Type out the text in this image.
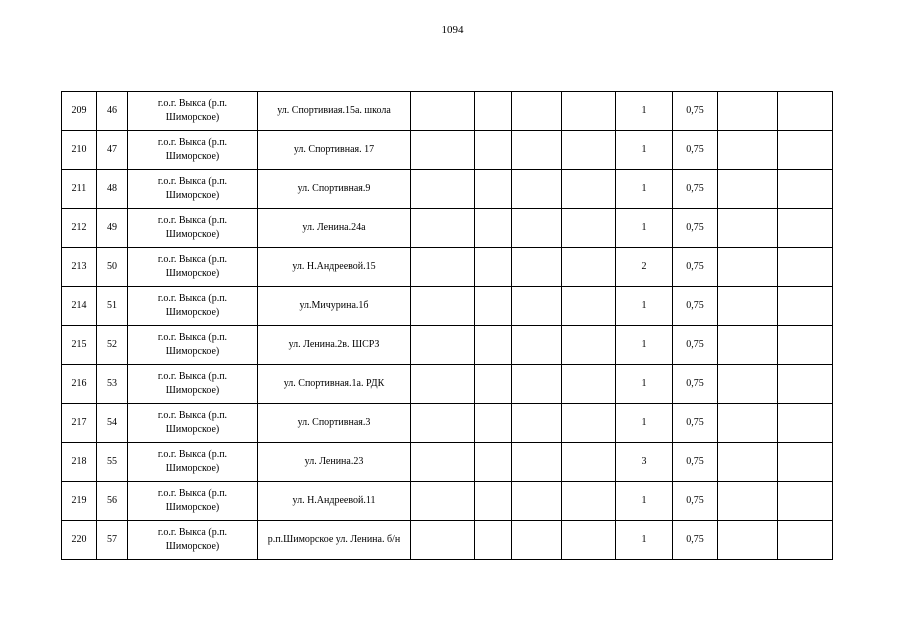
1094
209	46	г.о.г. Выкса (р.п. Шиморское)	ул. Спортивиая.15а. школа					1	0,75		
210	47	г.о.г. Выкса (р.п. Шиморское)	ул. Спортивная. 17					1	0,75		
211	48	г.о.г. Выкса (р.п. Шиморское)	ул. Спортивная.9					1	0,75		
212	49	г.о.г. Выкса (р.п. Шиморское)	ул. Ленина.24а					1	0,75		
213	50	г.о.г. Выкса (р.п. Шиморское)	ул. Н.Андреевой.15					2	0,75		
214	51	г.о.г. Выкса (р.п. Шиморское)	ул.Мичурина.1б					1	0,75		
215	52	г.о.г. Выкса (р.п. Шиморское)	ул. Ленина.2в. ШСРЗ					1	0,75		
216	53	г.о.г. Выкса (р.п. Шиморское)	ул. Спортивная.1а. РДК					1	0,75		
217	54	г.о.г. Выкса (р.п. Шиморское)	ул. Спортивная.3					1	0,75		
218	55	г.о.г. Выкса (р.п. Шиморское)	ул. Ленина.23					3	0,75		
219	56	г.о.г. Выкса (р.п. Шиморское)	ул. Н.Андреевой.11					1	0,75		
220	57	г.о.г. Выкса (р.п. Шиморское)	р.п.Шиморское ул. Ленина. б/н					1	0,75		
